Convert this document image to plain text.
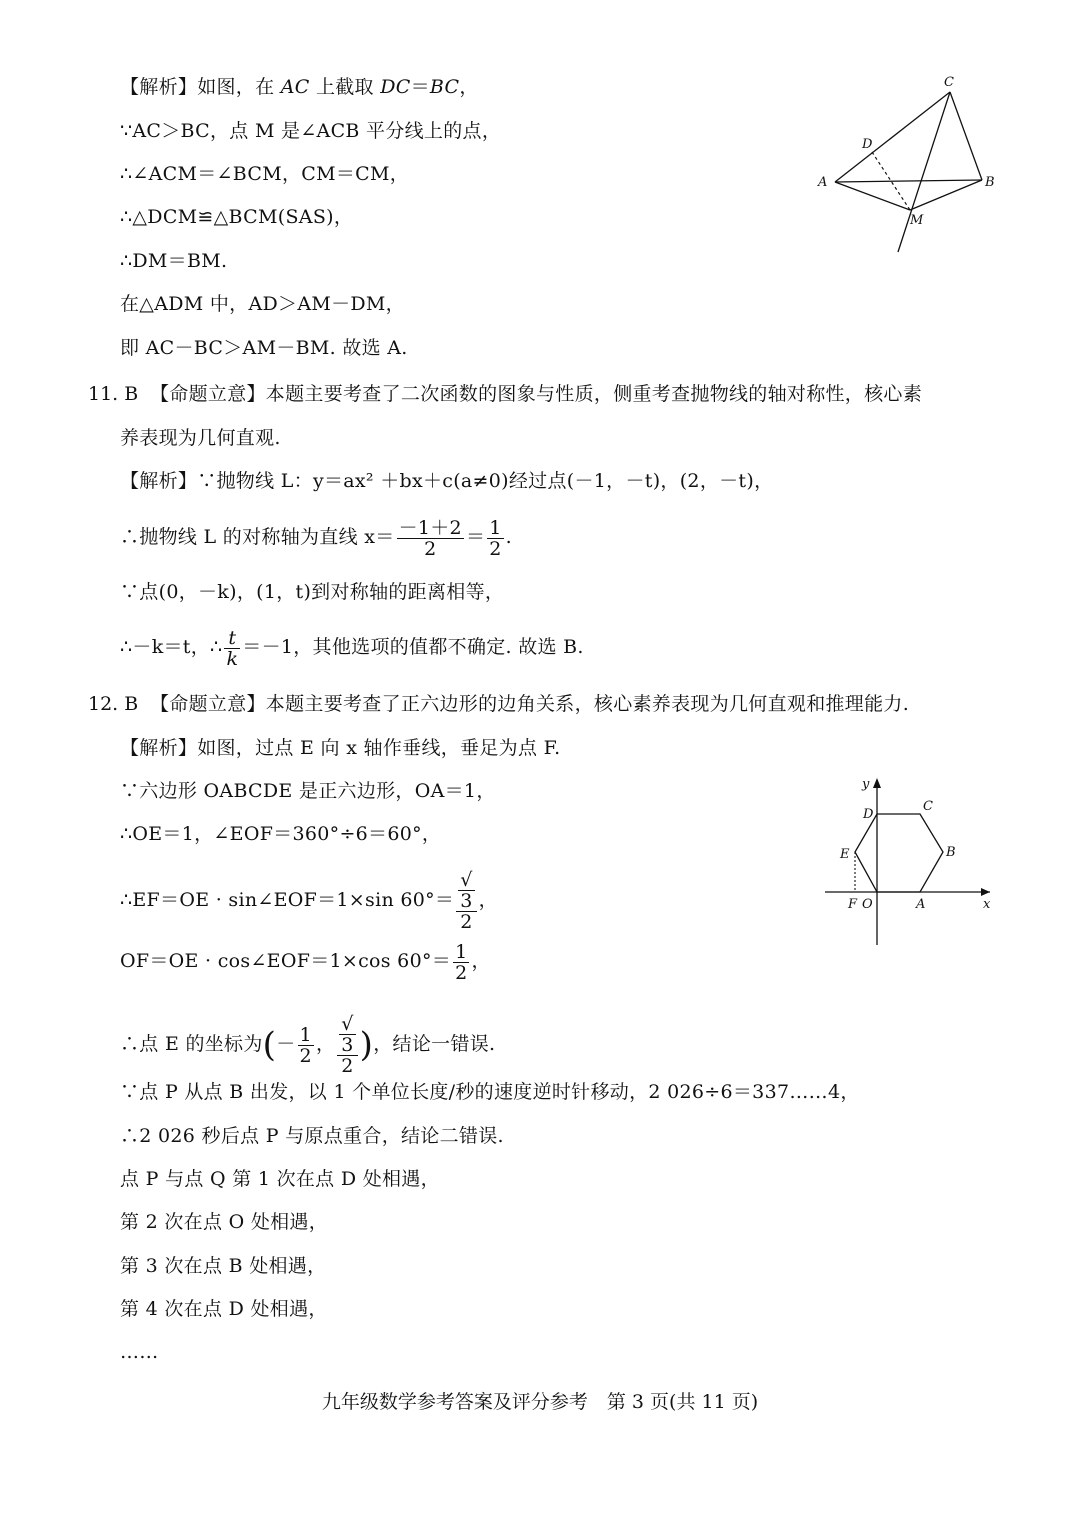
【解析】如图，在 AC 上截取 DC＝BC，
∵AC＞BC，点 M 是∠ACB 平分线上的点，
∴∠ACM＝∠BCM，CM＝CM，
∴△DCM≌△BCM(SAS)，
∴DM＝BM.
在△ADM 中，AD＞AM－DM，
即 AC－BC＞AM－BM. 故选 A.
C
D
A	B
M
11. B 【命题立意】本题主要考查了二次函数的图象与性质，侧重考查抛物线的轴对称性，核心素
养表现为几何直观.
【解析】∵抛物线 L：y＝ax² ＋bx＋c(a≠0)经过点(－1，－t)，(2，－t)，
∴抛物线 L 的对称轴为直线 $x= \frac{-1+2}{2} = \frac{1}{2}$ .
∵点(0，－k)，(1，t)到对称轴的距离相等，
∴－k＝t，∴ $\frac{t}{k} =-1$，其他选项的值都不确定. 故选 B.
12. B 【命题立意】本题主要考查了正六边形的边角关系，核心素养表现为几何直观和推理能力.
【解析】如图，过点 E 向 x 轴作垂线，垂足为点 F.
∵六边形 OABCDE 是正六边形，OA＝1，
∴OE＝1，∠EOF＝360°÷6＝60°，
∴EF＝OE · sin∠EOF＝1×sin 60°＝ √
3
2 ，
OF＝OE · cos∠EOF＝1×cos $60^\circ= \frac{1}{2}$ ，
∴点 E 的坐标为(－ $\frac{1}{2}$ ， √
3
2 )，结论一错误.
∵点 P 从点 B 出发，以 1 个单位长度/秒的速度逆时针移动，2 026÷6＝337……4，
∴2 026 秒后点 P 与原点重合，结论二错误.
点 P 与点 Q 第 1 次在点 D 处相遇，
第 2 次在点 O 处相遇，
第 3 次在点 B 处相遇，
第 4 次在点 D 处相遇，
……
y
D
C
E	B
F O	A	x
九年级数学参考答案及评分参考　第 3 页(共 11 页)
